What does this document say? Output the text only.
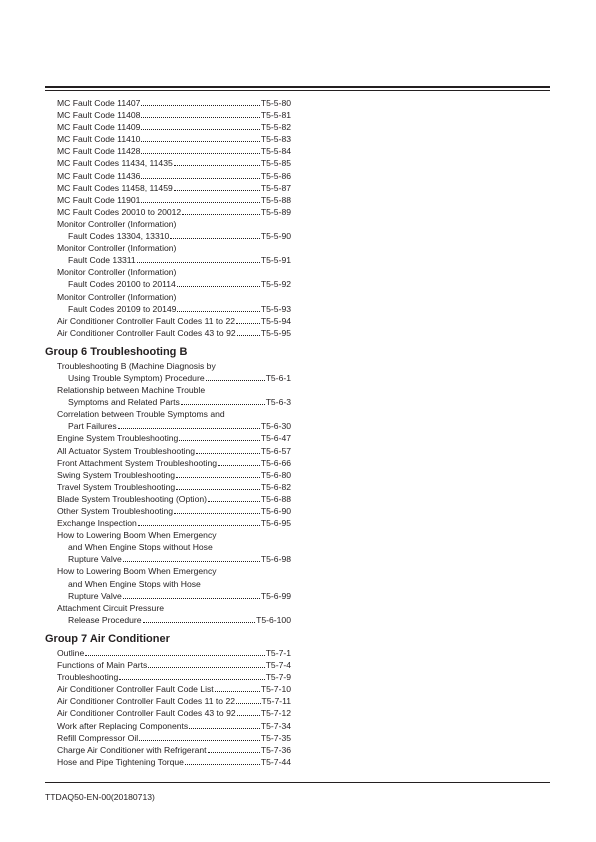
MC Fault Code 11407	T5-5-80
MC Fault Code 11408	T5-5-81
MC Fault Code 11409	T5-5-82
MC Fault Code 11410	T5-5-83
MC Fault Code 11428	T5-5-84
MC Fault Codes 11434, 11435	T5-5-85
MC Fault Code 11436	T5-5-86
MC Fault Codes 11458, 11459	T5-5-87
MC Fault Code 11901	T5-5-88
MC Fault Codes 20010 to 20012	T5-5-89
Monitor Controller (Information)
Fault Codes 13304, 13310	T5-5-90
Monitor Controller (Information)
Fault Code 13311	T5-5-91
Monitor Controller (Information)
Fault Codes 20100 to 20114	T5-5-92
Monitor Controller (Information)
Fault Codes 20109 to 20149	T5-5-93
Air Conditioner Controller Fault Codes 11 to 22	T5-5-94
Air Conditioner Controller Fault Codes 43 to 92	T5-5-95
Group 6 Troubleshooting B
Troubleshooting B (Machine Diagnosis by
Using Trouble Symptom) Procedure	T5-6-1
Relationship between Machine Trouble
Symptoms and Related Parts	T5-6-3
Correlation between Trouble Symptoms and
Part Failures	T5-6-30
Engine System Troubleshooting	T5-6-47
All Actuator System Troubleshooting	T5-6-57
Front Attachment System Troubleshooting	T5-6-66
Swing System Troubleshooting	T5-6-80
Travel System Troubleshooting	T5-6-82
Blade System Troubleshooting (Option)	T5-6-88
Other System Troubleshooting	T5-6-90
Exchange Inspection	T5-6-95
How to Lowering Boom When Emergency
and When Engine Stops without Hose
Rupture Valve	T5-6-98
How to Lowering Boom When Emergency
and When Engine Stops with Hose
Rupture Valve	T5-6-99
Attachment Circuit Pressure
Release Procedure	T5-6-100
Group 7 Air Conditioner
Outline	T5-7-1
Functions of Main Parts	T5-7-4
Troubleshooting	T5-7-9
Air Conditioner Controller Fault Code List	T5-7-10
Air Conditioner Controller Fault Codes 11 to 22	T5-7-11
Air Conditioner Controller Fault Codes 43 to 92	T5-7-12
Work after Replacing Components	T5-7-34
Refill Compressor Oil	T5-7-35
Charge Air Conditioner with Refrigerant	T5-7-36
Hose and Pipe Tightening Torque	T5-7-44
TTDAQ50-EN-00(20180713)
